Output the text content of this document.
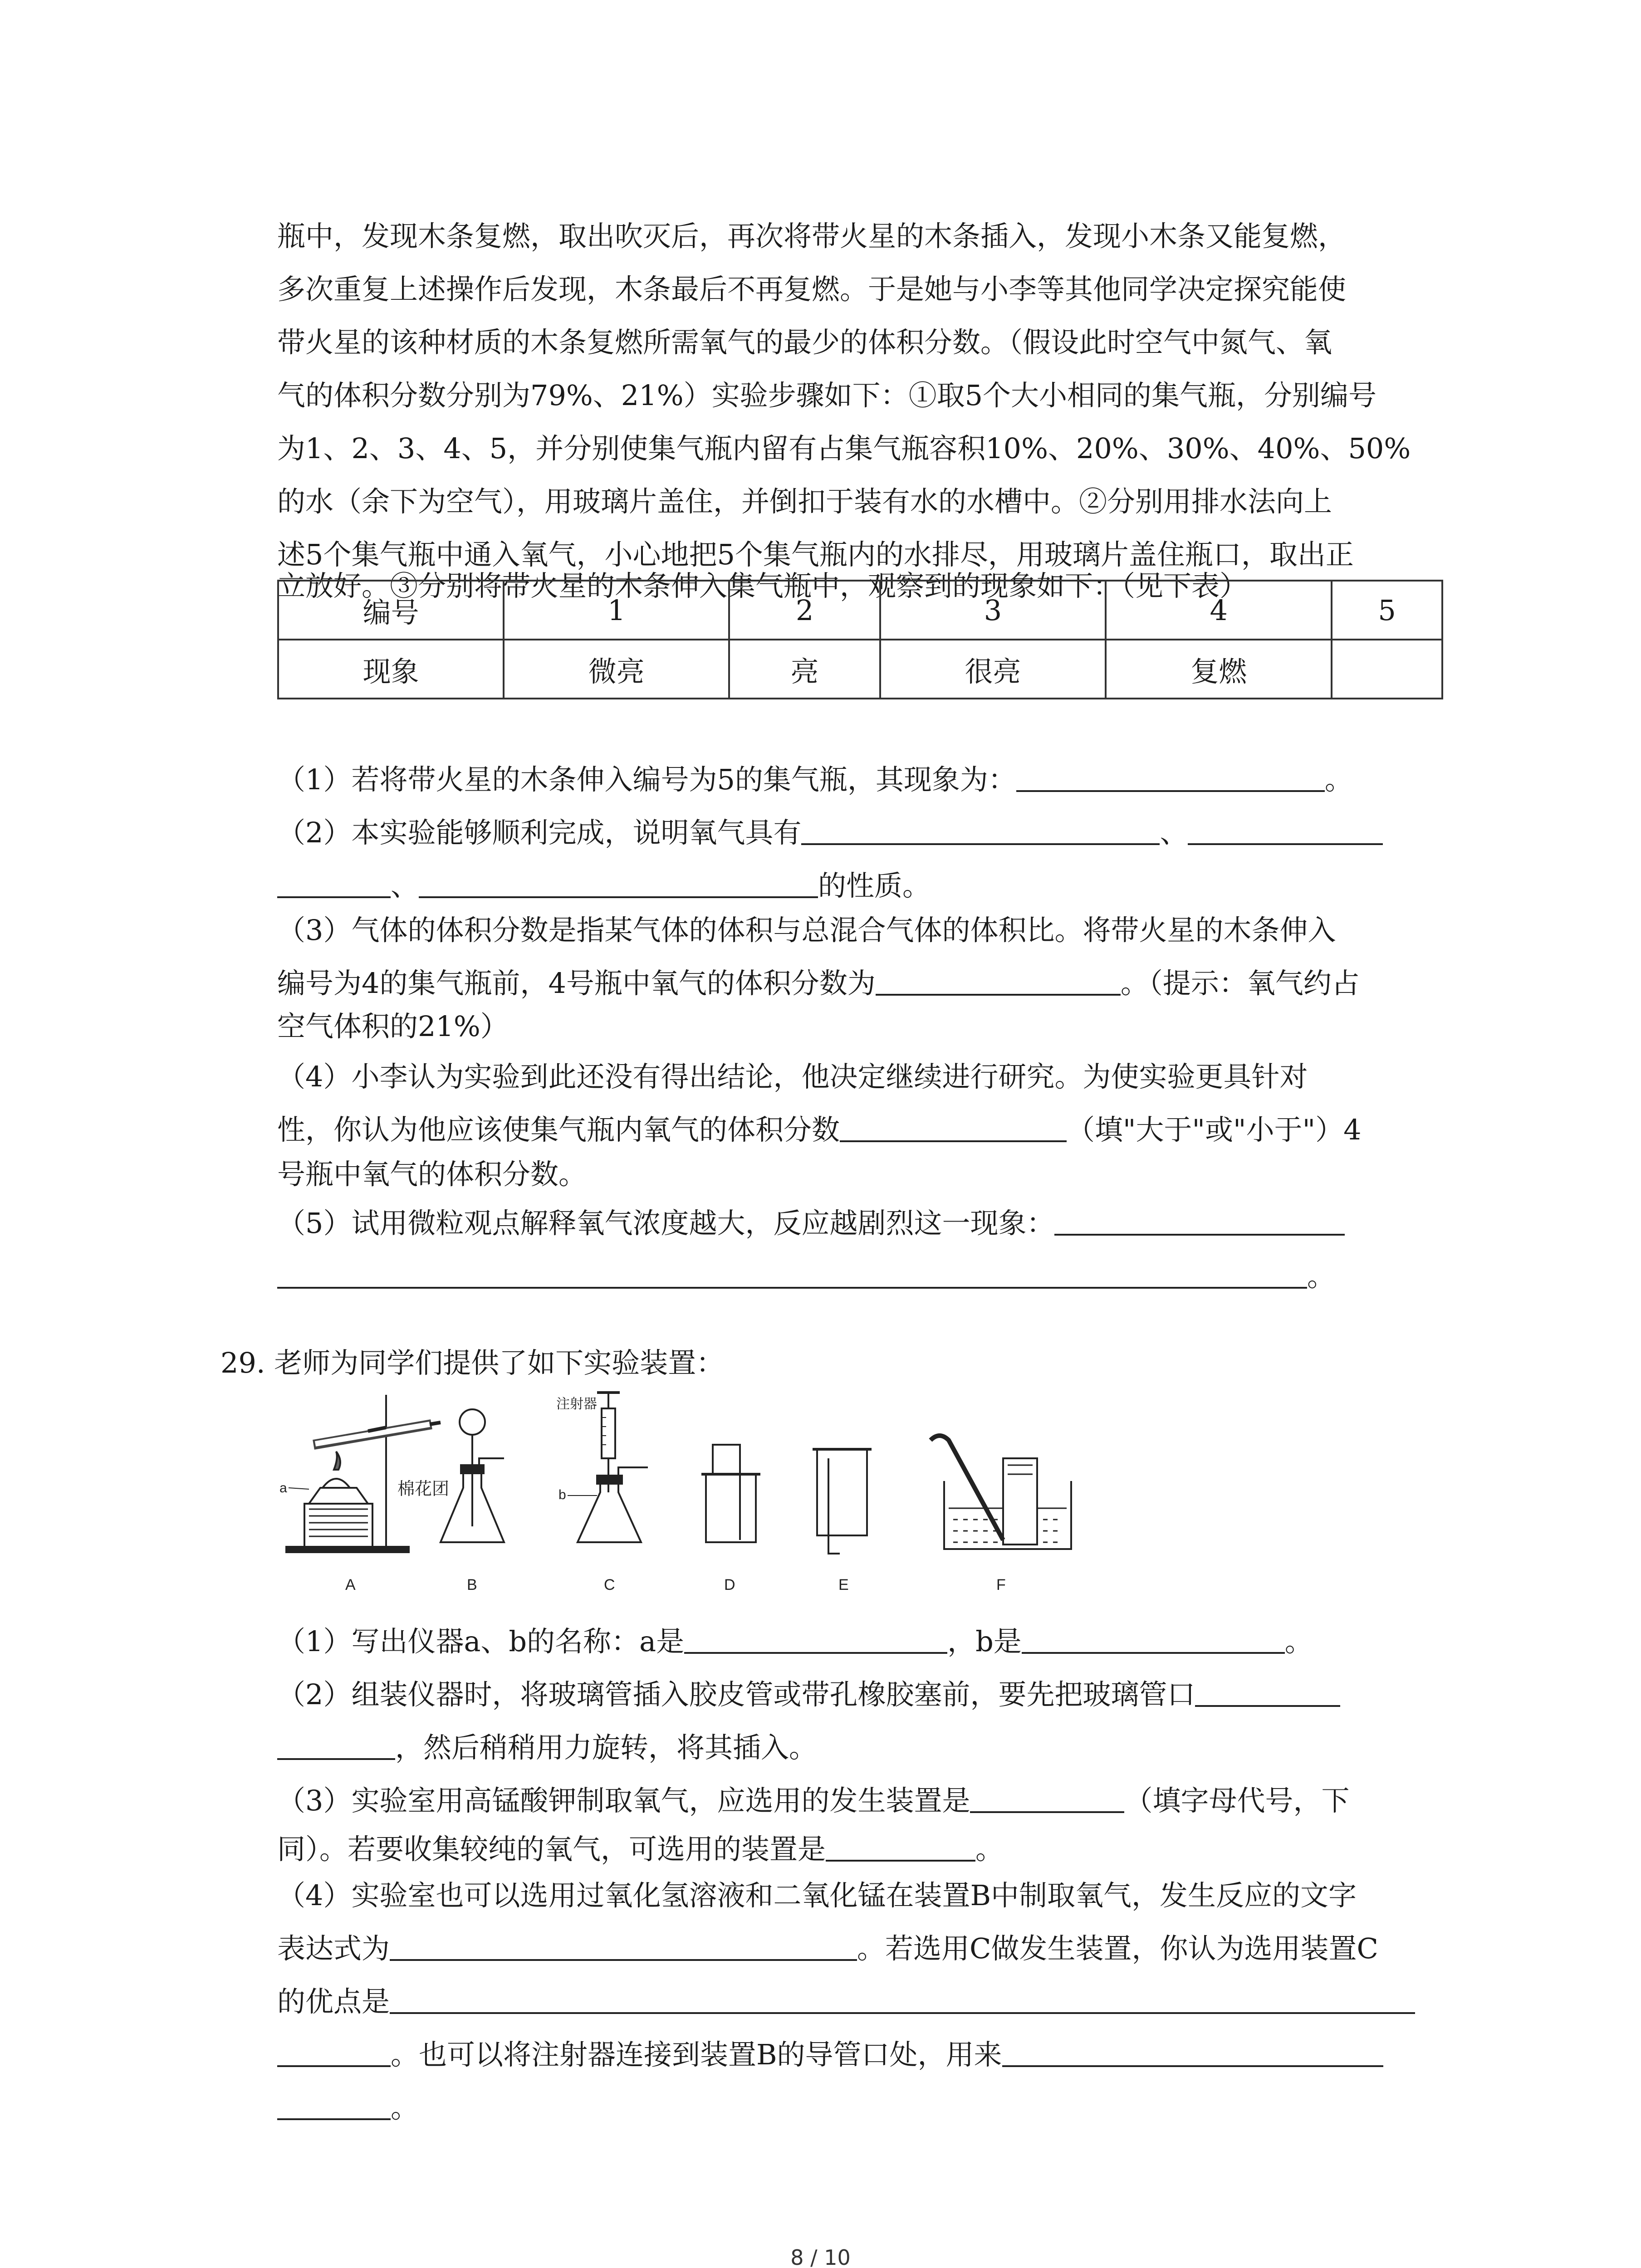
瓶中，发现木条复燃，取出吹灭后，再次将带火星的木条插入，发现小木条又能复燃，
多次重复上述操作后发现，木条最后不再复燃。于是她与小李等其他同学决定探究能使
带火星的该种材质的木条复燃所需氧气的最少的体积分数。（假设此时空气中氮气、氧
气的体积分数分别为79%、21%）实验步骤如下：①取5个大小相同的集气瓶，分别编号
为1、2、3、4、5，并分别使集气瓶内留有占集气瓶容积10%、20%、30%、40%、50%
的水（余下为空气），用玻璃片盖住，并倒扣于装有水的水槽中。②分别用排水法向上
述5个集气瓶中通入氧气，小心地把5个集气瓶内的水排尽，用玻璃片盖住瓶口，取出正
立放好。③分别将带火星的木条伸入集气瓶中，观察到的现象如下：（见下表）
编号	1	2	3	4	5
现象	微亮	亮	很亮	复燃	
（1）若将带火星的木条伸入编号为5的集气瓶，其现象为：	。
（2）本实验能够顺利完成，说明氧气具有	、
、	的性质。
（3）气体的体积分数是指某气体的体积与总混合气体的体积比。将带火星的木条伸入
编号为4的集气瓶前，4号瓶中氧气的体积分数为	。（提示：氧气约占
空气体积的21%）
（4）小李认为实验到此还没有得出结论，他决定继续进行研究。为使实验更具针对
性，你认为他应该使集气瓶内氧气的体积分数	（填"大于"或"小于"）4
号瓶中氧气的体积分数。
（5）试用微粒观点解释氧气浓度越大，反应越剧烈这一现象：
。
29. 老师为同学们提供了如下实验装置：
a	棉花团
A	B
注射器
b
C	D	E	F
（1）写出仪器a、b的名称：a是	，b是	。
（2）组装仪器时，将玻璃管插入胶皮管或带孔橡胶塞前，要先把玻璃管口
，然后稍稍用力旋转，将其插入。
（3）实验室用高锰酸钾制取氧气，应选用的发生装置是	（填字母代号，下
同）。若要收集较纯的氧气，可选用的装置是	。
（4）实验室也可以选用过氧化氢溶液和二氧化锰在装置B中制取氧气，发生反应的文字
表达式为	。若选用C做发生装置，你认为选用装置C
的优点是
。也可以将注射器连接到装置B的导管口处，用来
。
8 / 10
